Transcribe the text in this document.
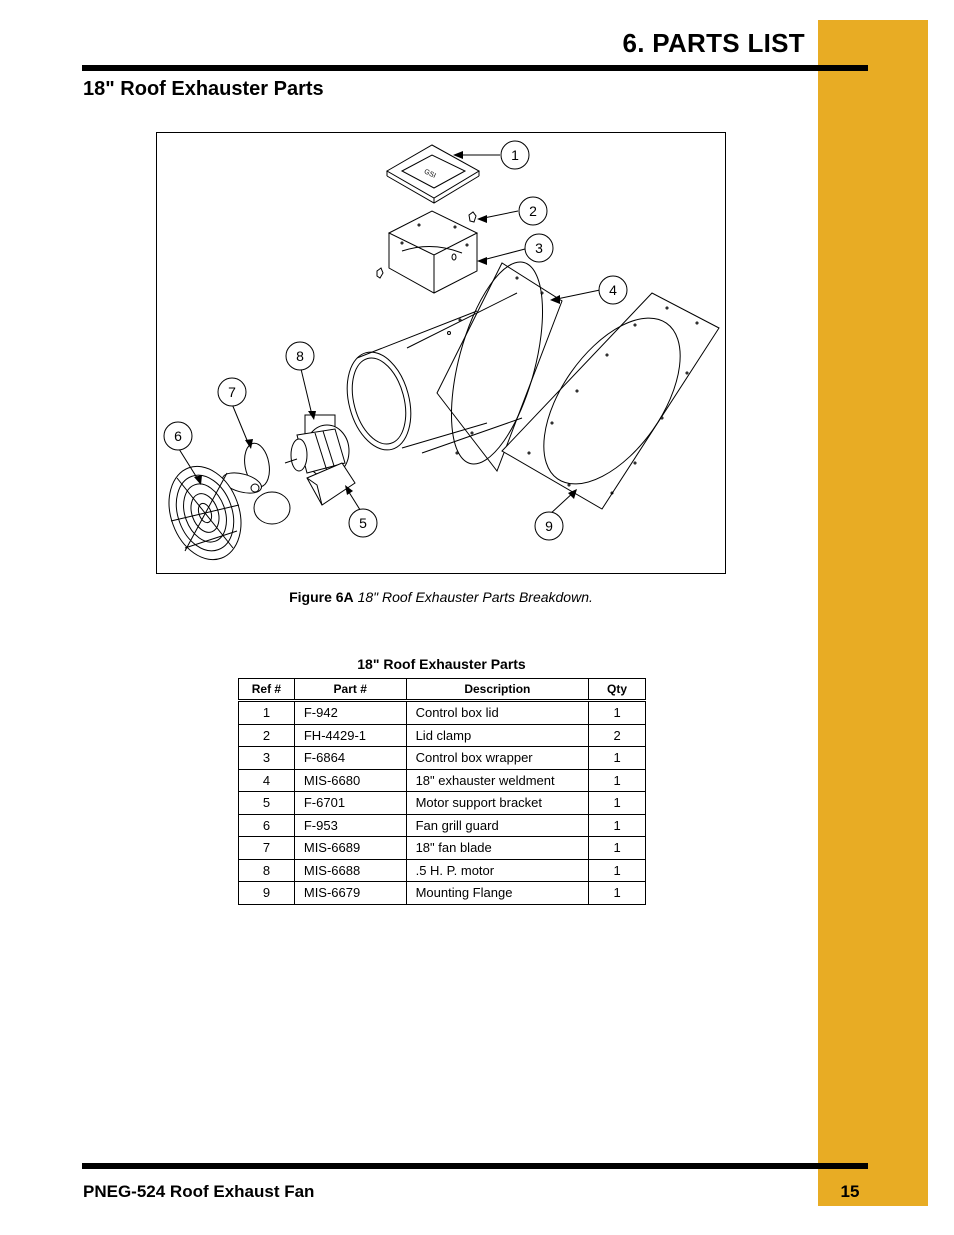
6. PARTS LIST
18" Roof Exhauster Parts
GSI
1
2
3
4
5
6
7
8
9
Figure 6A 18" Roof Exhauster Parts Breakdown.
18" Roof Exhauster Parts
Ref #	Part #	Description	Qty
1	F-942	Control box lid	1
2	FH-4429-1	Lid clamp	2
3	F-6864	Control box wrapper	1
4	MIS-6680	18" exhauster weldment	1
5	F-6701	Motor support bracket	1
6	F-953	Fan grill guard	1
7	MIS-6689	18" fan blade	1
8	MIS-6688	.5 H. P. motor	1
9	MIS-6679	Mounting Flange	1
PNEG-524 Roof Exhaust Fan	15
